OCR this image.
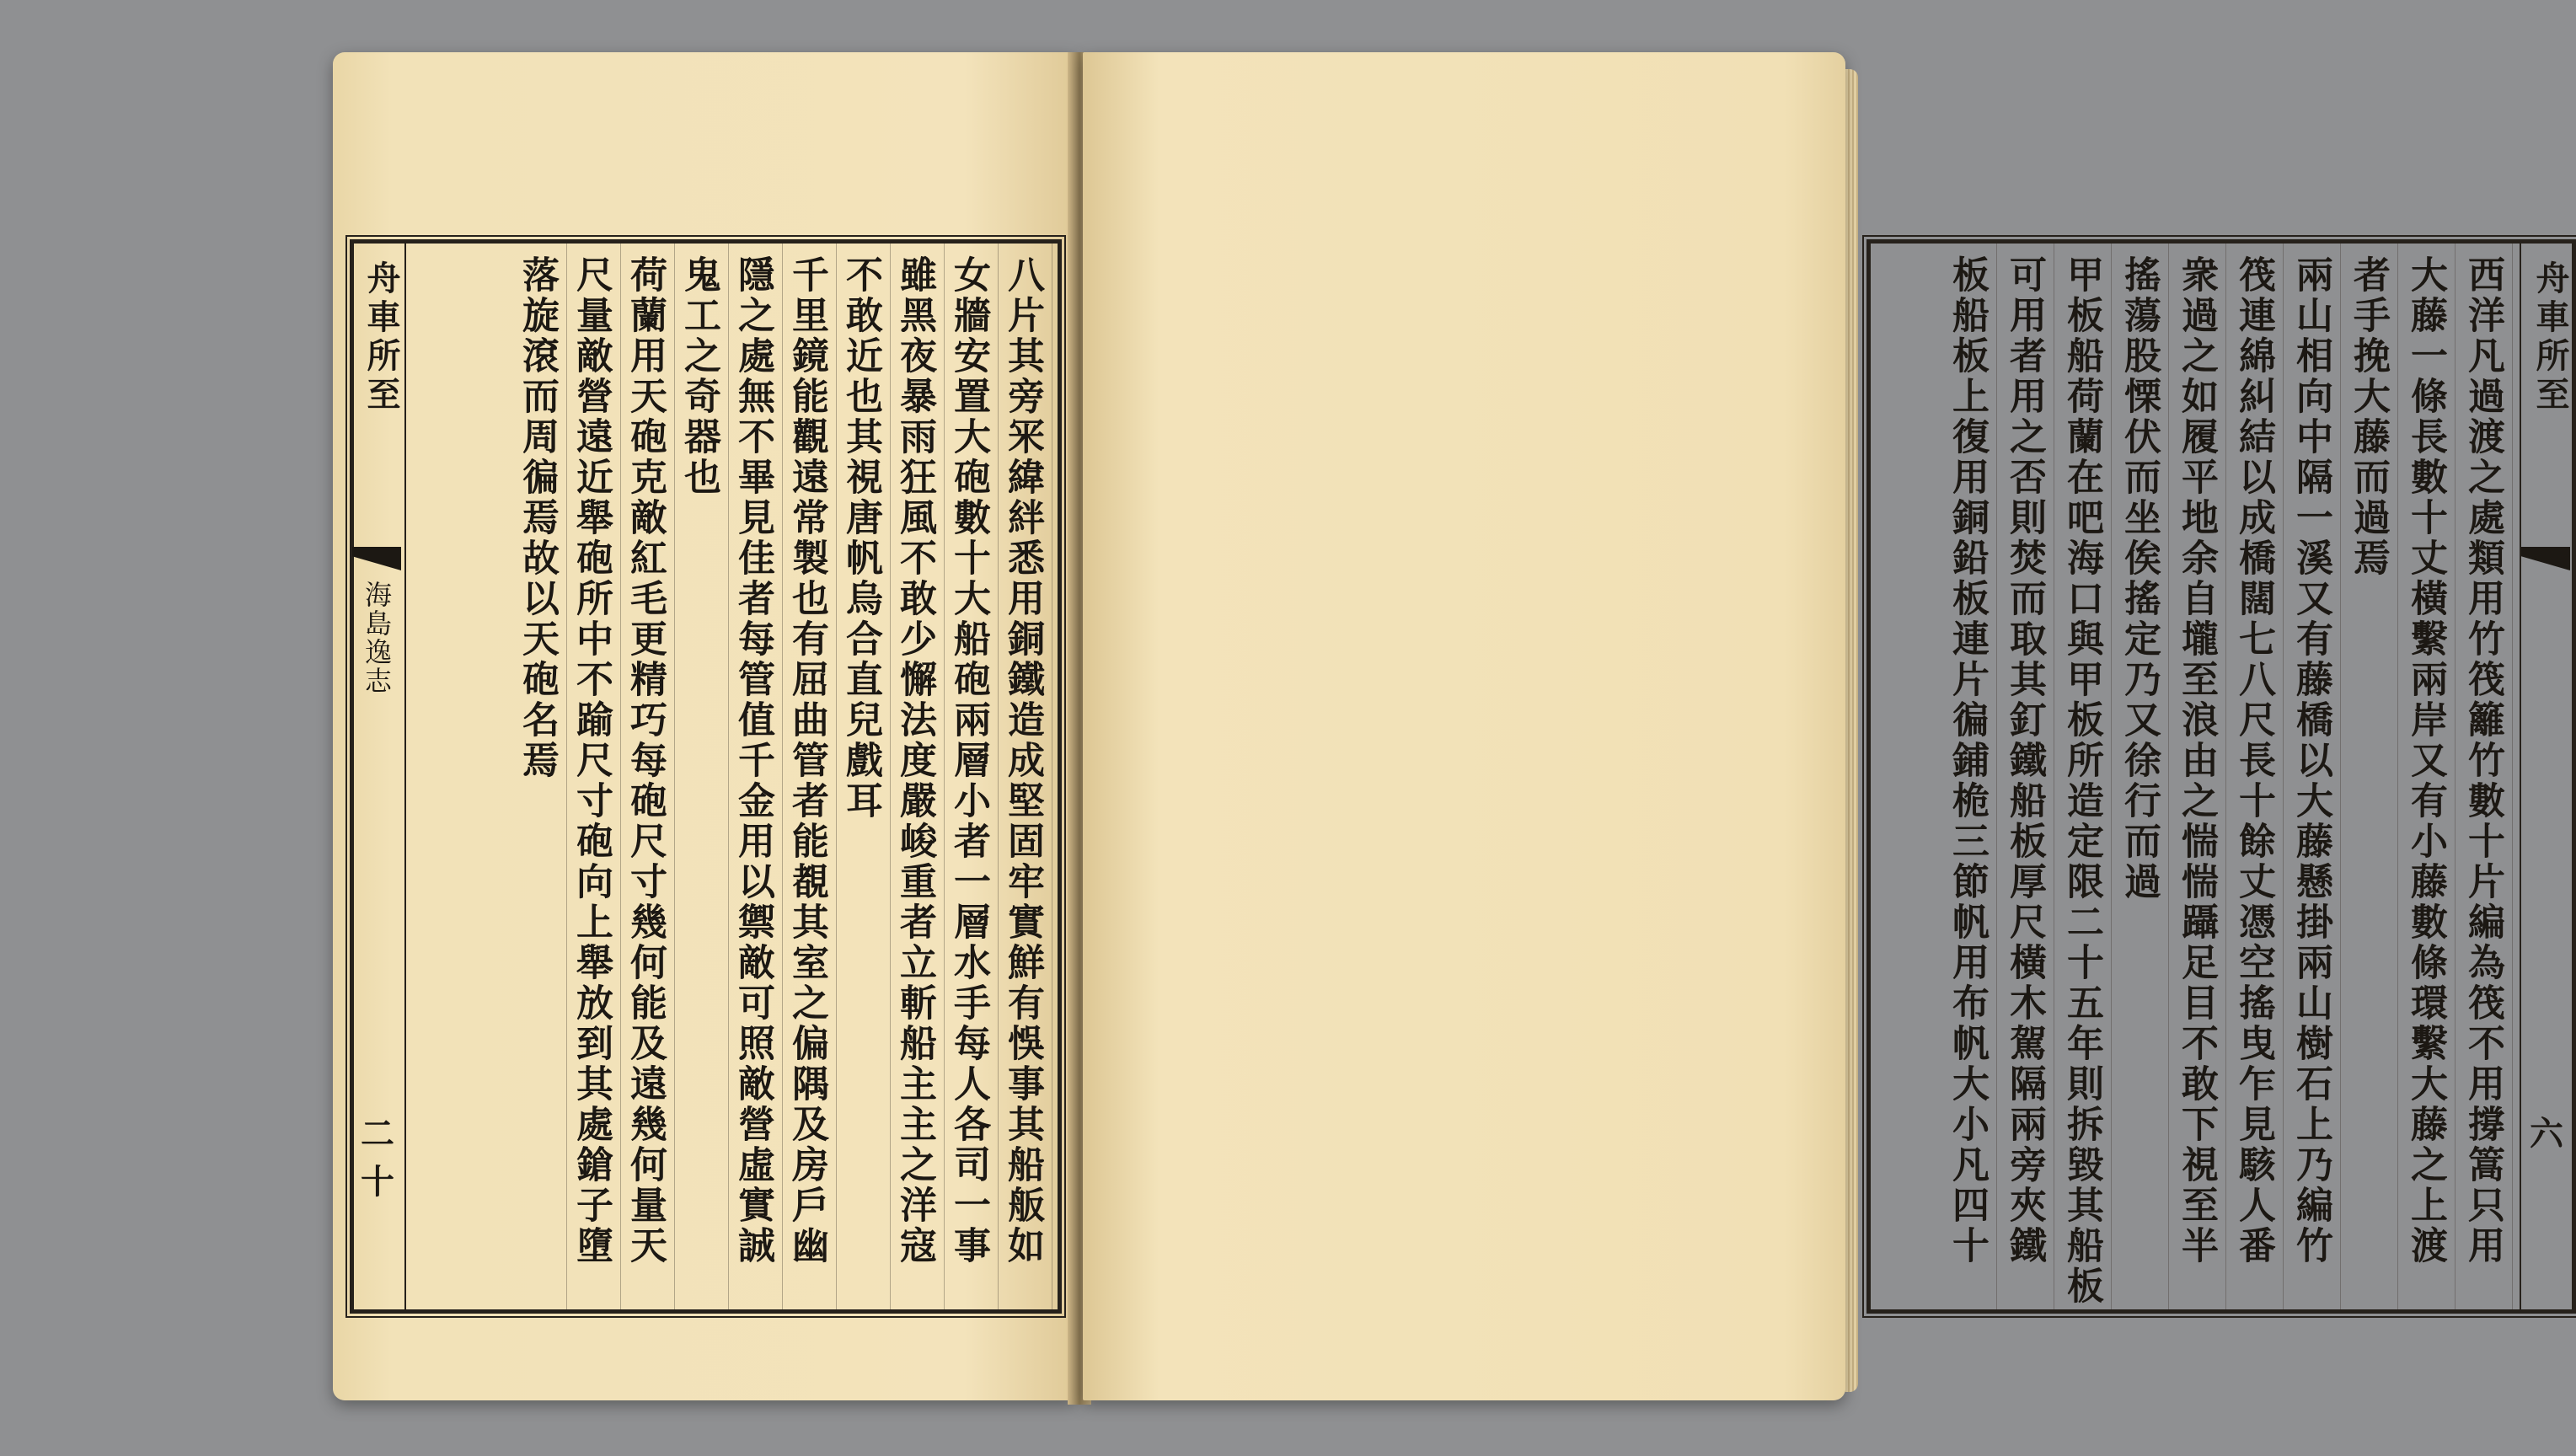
舟車所至
海島逸志
二十	八片其旁冞緯絆悉用銅鐵造成堅固牢實鮮有悞事其船舨如
女牆安置大砲數十大船砲兩層小者一層水手每人各司一事
雖黑夜暴雨狂風不敢少懈法度嚴峻重者立斬船主主之洋寇
不敢近也其視唐帆烏合直兒戲耳
千里鏡能觀遠常製也有屈曲管者能覩其室之偏隅及房戶幽
隱之處無不畢見佳者每管值千金用以禦敵可照敵營虛實誠
鬼工之奇器也
荷蘭用天砲克敵紅毛更精巧每砲尺寸幾何能及遠幾何量天
尺量敵營遠近舉砲所中不踰尺寸砲向上舉放到其處鎗子墮
落旋滾而周徧焉故以天砲名焉	舟車所至
六
西洋凡過渡之處類用竹筏籬竹數十片編為筏不用撐篙只用
大藤一條長數十丈橫繫兩岸又有小藤數條環繫大藤之上渡
者手挽大藤而過焉
兩山相向中隔一溪又有藤橋以大藤懸掛兩山樹石上乃編竹
筏連綿糾結以成橋闊七八尺長十餘丈憑空搖曳乍見駭人番
衆過之如履平地余自壠至浪由之惴惴躡足目不敢下視至半
搖蕩股慄伏而坐俟搖定乃又徐行而過
甲板船荷蘭在吧海口與甲板所造定限二十五年則拆毀其船板
可用者用之否則焚而取其釘鐵船板厚尺橫木駕隔兩旁夾鐵
板船板上復用銅鉛板連片徧鋪桅三節帆用布帆大小凡四十
